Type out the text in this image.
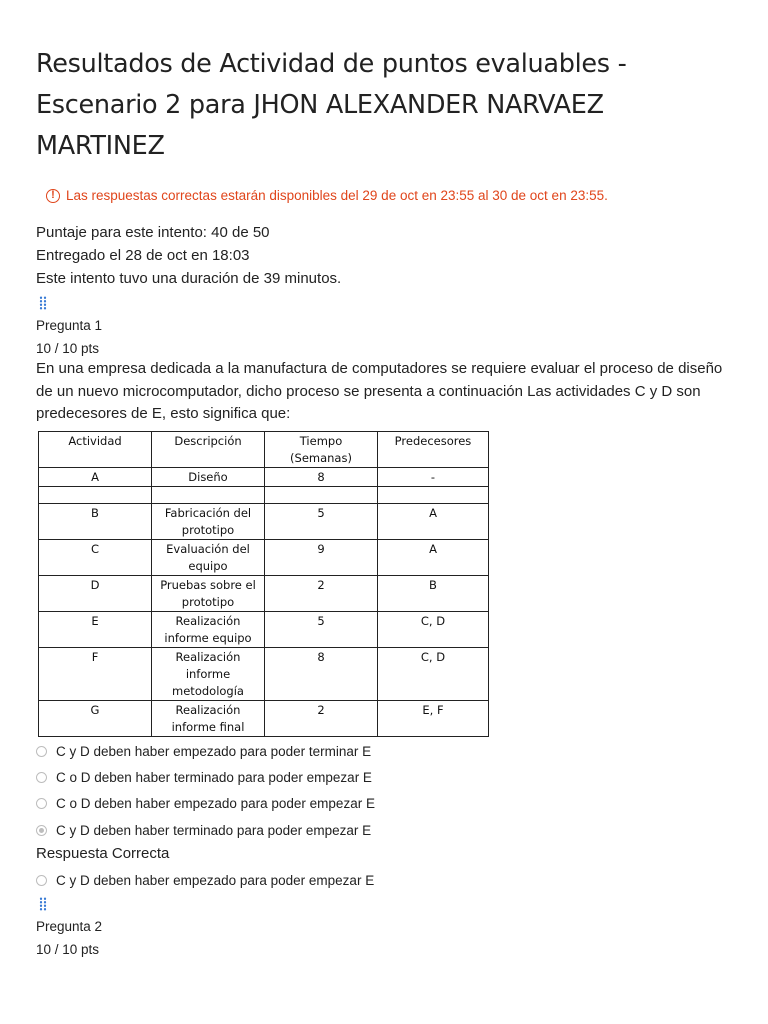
Resultados de Actividad de puntos evaluables - Escenario 2 para JHON ALEXANDER NARVAEZ MARTINEZ
! Las respuestas correctas estarán disponibles del 29 de oct en 23:55 al 30 de oct en 23:55.
Puntaje para este intento: 40 de 50
Entregado el 28 de oct en 18:03
Este intento tuvo una duración de 39 minutos.
Pregunta 1
10 / 10 pts
En una empresa dedicada a la manufactura de computadores se requiere evaluar el proceso de diseño de un nuevo microcomputador, dicho proceso se presenta a continuación Las actividades C y D son predecesores de E, esto significa que:
Actividad	Descripción	Tiempo (Semanas)	Predecesores
A	Diseño	8	-

B	Fabricación del prototipo	5	A
C	Evaluación del equipo	9	A
D	Pruebas sobre el prototipo	2	B
E	Realización informe equipo	5	C, D
F	Realización informe metodología	8	C, D
G	Realización informe final	2	E, F
C y D deben haber empezado para poder terminar E
C o D deben haber terminado para poder empezar E
C o D deben haber empezado para poder empezar E
C y D deben haber terminado para poder empezar E
Respuesta Correcta
C y D deben haber empezado para poder empezar E
Pregunta 2
10 / 10 pts
